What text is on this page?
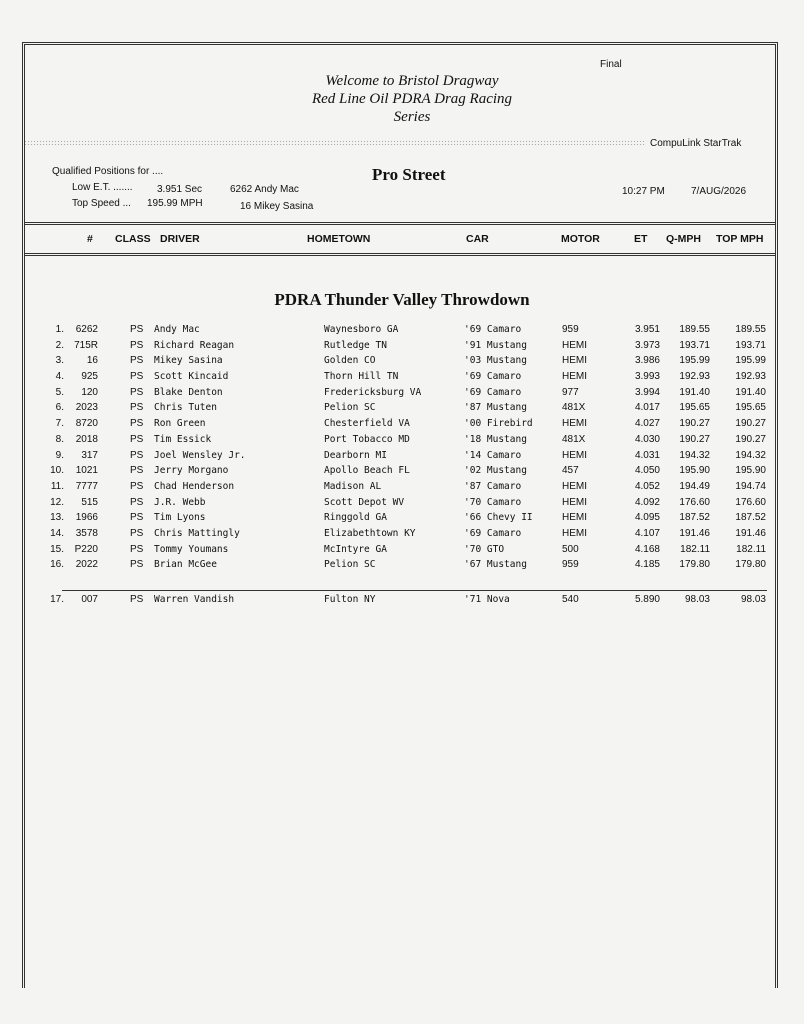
Final
Welcome to Bristol Dragway
Red Line Oil PDRA Drag Racing
Series
CompuLink StarTrak
Qualified Positions for ....
Low E.T. ....... 3.951 Sec	6262 Andy Mac
Top Speed ... 195.99 MPH	16 Mikey Sasina
Pro Street
10:27 PM	7/AUG/2026
# CLASS DRIVER	HOMETOWN	CAR	MOTOR	ET Q-MPH TOP MPH
PDRA Thunder Valley Throwdown
1.	6262	PS	Andy Mac	Waynesboro GA	'69 Camaro	959	3.951	189.55	189.55
2.	715R	PS	Richard Reagan	Rutledge TN	'91 Mustang	HEMI	3.973	193.71	193.71
3.	16	PS	Mikey Sasina	Golden CO	'03 Mustang	HEMI	3.986	195.99	195.99
4.	925	PS	Scott Kincaid	Thorn Hill TN	'69 Camaro	HEMI	3.993	192.93	192.93
5.	120	PS	Blake Denton	Fredericksburg VA	'69 Camaro	977	3.994	191.40	191.40
6.	2023	PS	Chris Tuten	Pelion SC	'87 Mustang	481X	4.017	195.65	195.65
7.	8720	PS	Ron Green	Chesterfield VA	'00 Firebird	HEMI	4.027	190.27	190.27
8.	2018	PS	Tim Essick	Port Tobacco MD	'18 Mustang	481X	4.030	190.27	190.27
9.	317	PS	Joel Wensley Jr.	Dearborn MI	'14 Camaro	HEMI	4.031	194.32	194.32
10.	1021	PS	Jerry Morgano	Apollo Beach FL	'02 Mustang	457	4.050	195.90	195.90
11.	7777	PS	Chad Henderson	Madison AL	'87 Camaro	HEMI	4.052	194.49	194.74
12.	515	PS	J.R. Webb	Scott Depot WV	'70 Camaro	HEMI	4.092	176.60	176.60
13.	1966	PS	Tim Lyons	Ringgold GA	'66 Chevy II	HEMI	4.095	187.52	187.52
14.	3578	PS	Chris Mattingly	Elizabethtown KY	'69 Camaro	HEMI	4.107	191.46	191.46
15.	P220	PS	Tommy Youmans	McIntyre GA	'70 GTO	500	4.168	182.11	182.11
16.	2022	PS	Brian McGee	Pelion SC	'67 Mustang	959	4.185	179.80	179.80
17.	007	PS	Warren Vandish	Fulton NY	'71 Nova	540	5.890	98.03	98.03
